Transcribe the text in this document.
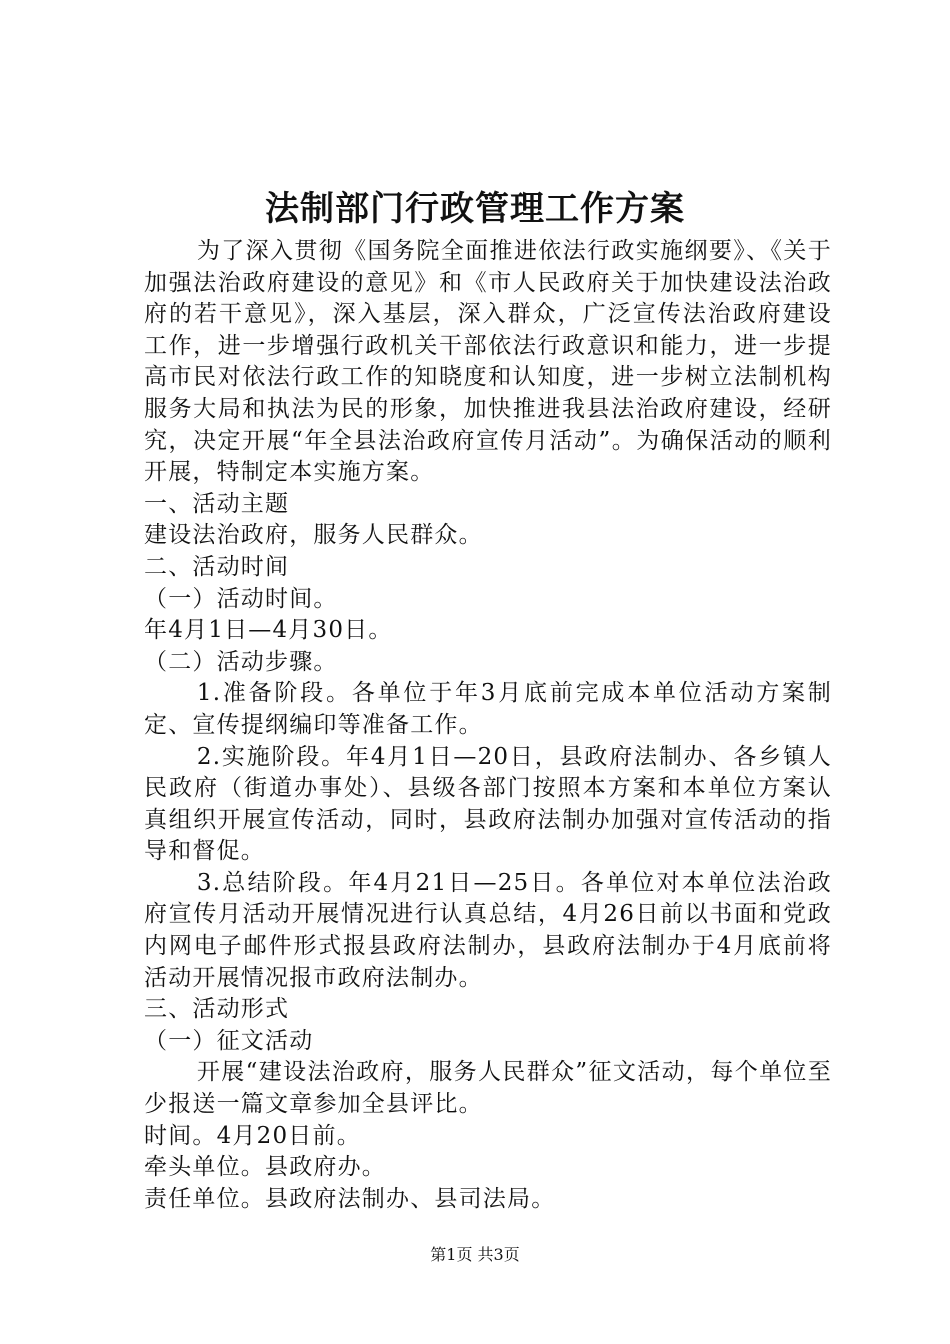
法制部门行政管理工作方案

为了深入贯彻《国务院全面推进依法行政实施纲要》、《关于加强法治政府建设的意见》和《市人民政府关于加快建设法治政府的若干意见》，深入基层，深入群众，广泛宣传法治政府建设工作，进一步增强行政机关干部依法行政意识和能力，进一步提高市民对依法行政工作的知晓度和认知度，进一步树立法制机构服务大局和执法为民的形象，加快推进我县法治政府建设，经研究，决定开展“年全县法治政府宣传月活动”。为确保活动的顺利开展，特制定本实施方案。

一、活动主题

建设法治政府，服务人民群众。

二、活动时间

（一）活动时间。

年4月1日—4月30日。

（二）活动步骤。

1.准备阶段。各单位于年3月底前完成本单位活动方案制定、宣传提纲编印等准备工作。

2.实施阶段。年4月1日—20日，县政府法制办、各乡镇人民政府（街道办事处）、县级各部门按照本方案和本单位方案认真组织开展宣传活动，同时，县政府法制办加强对宣传活动的指导和督促。

3.总结阶段。年4月21日—25日。各单位对本单位法治政府宣传月活动开展情况进行认真总结，4月26日前以书面和党政内网电子邮件形式报县政府法制办，县政府法制办于4月底前将活动开展情况报市政府法制办。

三、活动形式

（一）征文活动

开展“建设法治政府，服务人民群众”征文活动，每个单位至少报送一篇文章参加全县评比。

时间。4月20日前。

牵头单位。县政府办。

责任单位。县政府法制办、县司法局。

第1页 共3页
